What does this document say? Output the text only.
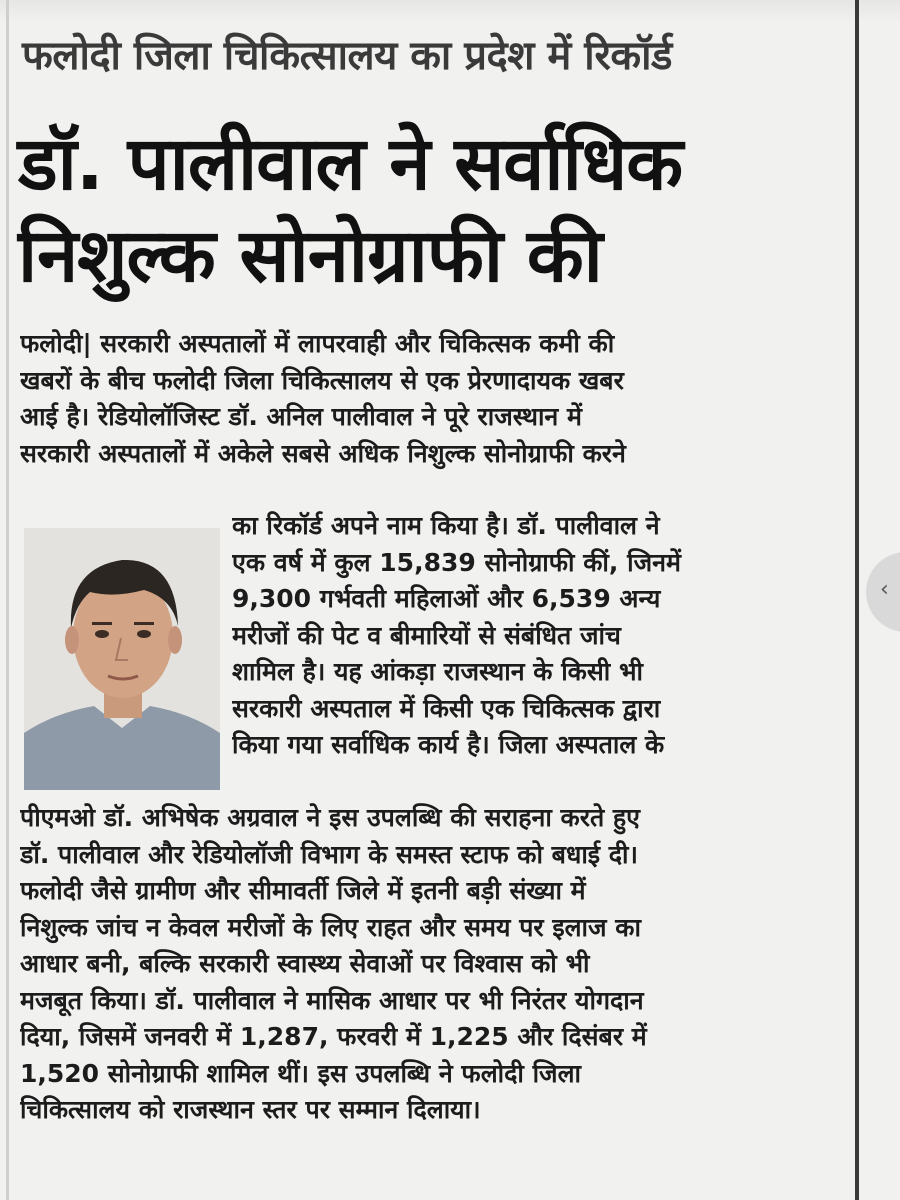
फलोदी जिला चिकित्सालय का प्रदेश में रिकॉर्ड
डॉ. पालीवाल ने सर्वाधिक
निशुल्क सोनोग्राफी की
फलोदी| सरकारी अस्पतालों में लापरवाही और चिकित्सक कमी की
खबरों के बीच फलोदी जिला चिकित्सालय से एक प्रेरणादायक खबर
आई है। रेडियोलॉजिस्ट डॉ. अनिल पालीवाल ने पूरे राजस्थान में
सरकारी अस्पतालों में अकेले सबसे अधिक निशुल्क सोनोग्राफी करने
का रिकॉर्ड अपने नाम किया है। डॉ. पालीवाल ने
एक वर्ष में कुल 15,839 सोनोग्राफी कीं, जिनमें
9,300 गर्भवती महिलाओं और 6,539 अन्य
मरीजों की पेट व बीमारियों से संबंधित जांच
शामिल है। यह आंकड़ा राजस्थान के किसी भी
सरकारी अस्पताल में किसी एक चिकित्सक द्वारा
किया गया सर्वाधिक कार्य है। जिला अस्पताल के
पीएमओ डॉ. अभिषेक अग्रवाल ने इस उपलब्धि की सराहना करते हुए
डॉ. पालीवाल और रेडियोलॉजी विभाग के समस्त स्टाफ को बधाई दी।
फलोदी जैसे ग्रामीण और सीमावर्ती जिले में इतनी बड़ी संख्या में
निशुल्क जांच न केवल मरीजों के लिए राहत और समय पर इलाज का
आधार बनी, बल्कि सरकारी स्वास्थ्य सेवाओं पर विश्वास को भी
मजबूत किया। डॉ. पालीवाल ने मासिक आधार पर भी निरंतर योगदान
दिया, जिसमें जनवरी में 1,287, फरवरी में 1,225 और दिसंबर में
1,520 सोनोग्राफी शामिल थीं। इस उपलब्धि ने फलोदी जिला
चिकित्सालय को राजस्थान स्तर पर सम्मान दिलाया।
‹
